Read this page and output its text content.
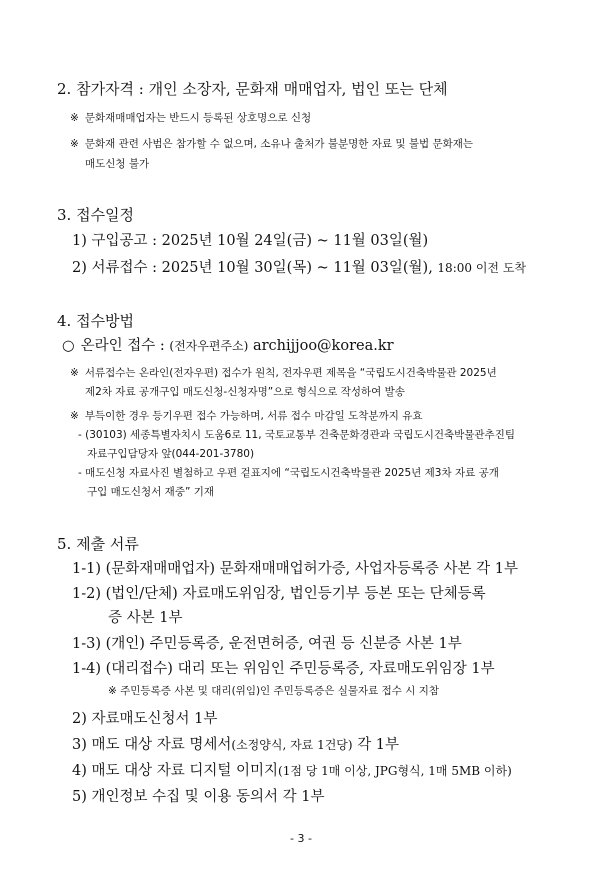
2. 참가자격 : 개인 소장자, 문화재 매매업자, 법인 또는 단체
※ 문화재매매업자는 반드시 등록된 상호명으로 신청
※ 문화재 관련 사범은 참가할 수 없으며, 소유나 출처가 불분명한 자료 및 불법 문화재는
매도신청 불가
3. 접수일정
1) 구입공고 : 2025년 10월 24일(금) ~ 11월 03일(월)
2) 서류접수 : 2025년 10월 30일(목) ~ 11월 03일(월), 18:00 이전 도착
4. 접수방법
○ 온라인 접수 : (전자우편주소) archijjoo@korea.kr
※ 서류접수는 온라인(전자우편) 접수가 원칙, 전자우편 제목을 “국립도시건축박물관 2025년
제2차 자료 공개구입 매도신청-신청자명”으로 형식으로 작성하여 발송
※ 부득이한 경우 등기우편 접수 가능하며, 서류 접수 마감일 도착분까지 유효
- (30103) 세종특별자치시 도움6로 11, 국토교통부 건축문화경관과 국립도시건축박물관추진팀
자료구입담당자 앞(044-201-3780)
- 매도신청 자료사진 별첨하고 우편 겉표지에 “국립도시건축박물관 2025년 제3차 자료 공개
구입 매도신청서 재중” 기재
5. 제출 서류
1-1) (문화재매매업자) 문화재매매업허가증, 사업자등록증 사본 각 1부
1-2) (법인/단체) 자료매도위임장, 법인등기부 등본 또는 단체등록
증 사본 1부
1-3) (개인) 주민등록증, 운전면허증, 여권 등 신분증 사본 1부
1-4) (대리접수) 대리 또는 위임인 주민등록증, 자료매도위임장 1부
※ 주민등록증 사본 및 대리(위임)인 주민등록증은 실물자료 접수 시 지참
2) 자료매도신청서 1부
3) 매도 대상 자료 명세서(소정양식, 자료 1건당) 각 1부
4) 매도 대상 자료 디지털 이미지(1점 당 1매 이상, JPG형식, 1매 5MB 이하)
5) 개인정보 수집 및 이용 동의서 각 1부
- 3 -
